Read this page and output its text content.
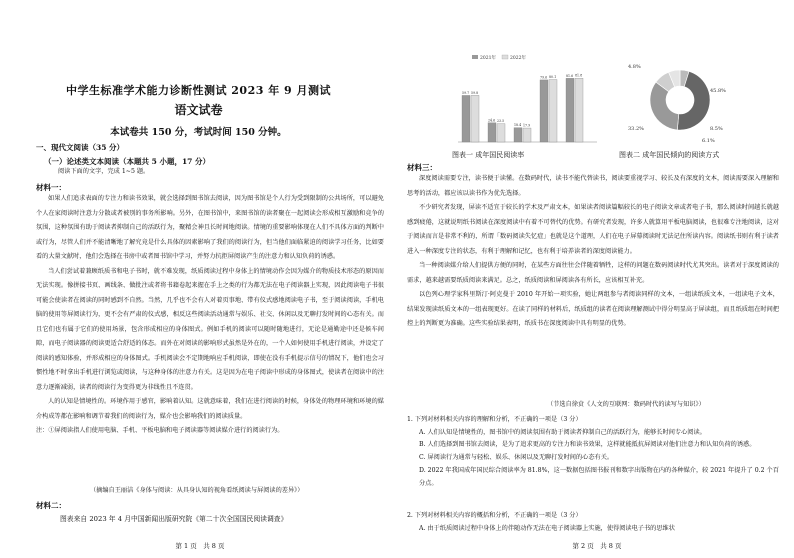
中学生标准学术能力诊断性测试 2023 年 9 月测试
语文试卷
本试卷共 150 分，考试时间 150 分钟。
一、现代文阅读（35 分）
（一）论述类文本阅读（本题共 5 小题，17 分）
阅读下面的文字，完成 1~5 题。
材料一：

如果人们追求表面的专注力和读书效果，就会选择到图书馆去阅读，因为图书馆是个人行为受到限制的公共场所，可以避免个人在家阅读时注意力分散或者被别的事务所影响。另外，在图书馆中，来图书馆的读者聚在一起阅读会形成相互激励和竞争的氛围，这种氛围有助于阅读者抑制自己的活跃行为，聚精会神且长时间地阅读。情境的重要影响体现在人们不具体方面的判断中或行为，尽管人们并不能清晰地了解究竟是什么具体的因素影响了我们的阅读行为，但当他们面临紧迫的阅读学习任务，比如要看的大量文献时，他们会选择在书房中或者图书馆中学习，并努力抗拒屏阅读产生的注意力和认知负荷的诱惑。

当人们尝试着兼顾纸质书和电子书时，就不难发现，纸质阅读过程中身体上的情境动作会因为媒介的物质技术形态的原因而无法实现。像拼接书页、画线条、做批注或者将书籍卷起来握在手上之类的行为都无法在电子阅读器上实现，因此阅读电子书很可能会使读者在阅读的同时感到不自然。当然，几乎也不会有人对着页事地、带有仪式感地阅读电子书，至于阅读阅读，手机电脑的使用等屏阅读行为，更不会有严肃的仪式感，相反这些阅读活动通常与娱乐、社交、休闲以及无聊打发时间的心态有关。而且它们也有属于它们的使用场景，包含形成相应的身体图式。例如手机的阅读可以随时随地进行，无论是通勤途中还是候车间隙，而电子阅读器的阅读更适合舒适的体态。而外在对阅读的影响形式虽然是外在的，一个人如何使用手机进行阅读，并设定了阅读的感知体验，并形成相应的身体图式。手机阅读会不定期地响应手机阅读，即使在没有手机提示信号的情况下，他们也会习惯性地不时拿出手机进行浏览或阅读，与这种身体的注意力有关。这是因为在电子阅读中形成的身体图式，使读者在阅读中的注意力逐渐减弱，读者的阅读行为变得更为非线性且不连贯。

人的认知是情境性的。环境作用于感官，影响着认知。这就意味着，我们在进行阅读的时候，身体处的物理环境和环境的媒介构成等都在影响和调节着我们的阅读行为，媒介也会影响我们的阅读质量。

注：①屏阅读指人们使用电脑、手机、平板电脑和电子阅读器等阅读媒介进行的阅读行为。

（摘编自王丽洁《身体与阅读：从具身认知的视角看纸阅读与屏阅读的差异》）
材料二：
图表来自 2023 年 4 月中国新闻出版研究院《第二十次全国国民阅读调查》
第 1 页　共 8 页
59.7 59.8
24.6 23.5
18.4 17.9
79.6 80.1	81.6 81.8
2021年	2022年
图表一 成年国民阅读率
4.8%
45.8%
33.2%	8.5%
6.1%
图表二 成年国民倾向的阅读方式
材料三：

深度阅读需要专注，读书便于读懂。在数码时代，读书不能代替读书，阅读要重视学习、较长及有深度的文本，阅读需要深入理解和思考的活动，都应该以读书作为优先选择。

不少研究者发现，屏读不适宜于较长的学术及严肃文本，如果读者阅读篇幅较长的电子阅读文章或者电子书，那么阅读时间越长就越感到疲倦，这就说明纸书阅读在深度阅读中有着不可替代的优势。有研究者发现，许多人就算用平板电脑阅读，也很难专注地阅读，这对于阅读而言是非常不利的，所谓「数码阅读失忆症」也就是这个道理，人们在电子屏幕阅读时无法记住所读内容。阅读纸书则有利于读者进入一种深度专注的状态，有利于理解和记忆，也有利于培养读者的深度阅读能力。

当一种阅读媒介给人们提供方便的同时，在某些方面往往会伴随着牺牲，这样的问题在数码阅读时代尤其突出。读者对于深度阅读的需求，越来越需要纸质阅读来满足。总之，纸质阅读和屏阅读各有所长，应该相互补充。

以色列心理学家科里斯汀·阿克曼于 2010 年开始一项实验，她让两组参与者阅读同样的文本，一组读纸质文本，一组读电子文本，结果发现读纸质文本的一组表现更好。在读了同样的材料后，纸质组的读者在阅读理解测试中得分明显高于屏读组，而且纸质组在时间把控上的判断更为准确。这些实验结果表明，纸质书在深度阅读中具有明显的优势。

（节选自徐贲《人文的互联网：数码时代的读写与知识》）
1. 下列对材料相关内容的理解和分析，不正确的一项是（3 分）
A. 人们认知是情境性的，图书馆中的阅读氛围有助于阅读者抑制自己的活跃行为，能够长时间专心阅读。
B. 人们选择到图书馆去阅读，是为了追求更高的专注力和读书效果，这样就能抵抗屏阅读对他们注意力和认知负荷的诱惑。
C. 屏阅读行为通常与轻松、娱乐、休闲以及无聊打发时间的心态有关。
D. 2022 年我国成年国民综合阅读率为 81.8%，这一数据包括图书报刊和数字出版物在内的各种媒介，较 2021 年提升了 0.2 个百分点。
2. 下列对材料相关内容的概括和分析，不正确的一项是（3 分）
A. 由于纸质阅读过程中身体上的伴随动作无法在电子阅读器上实施，使得阅读电子书的思维状
第 2 页　共 8 页
